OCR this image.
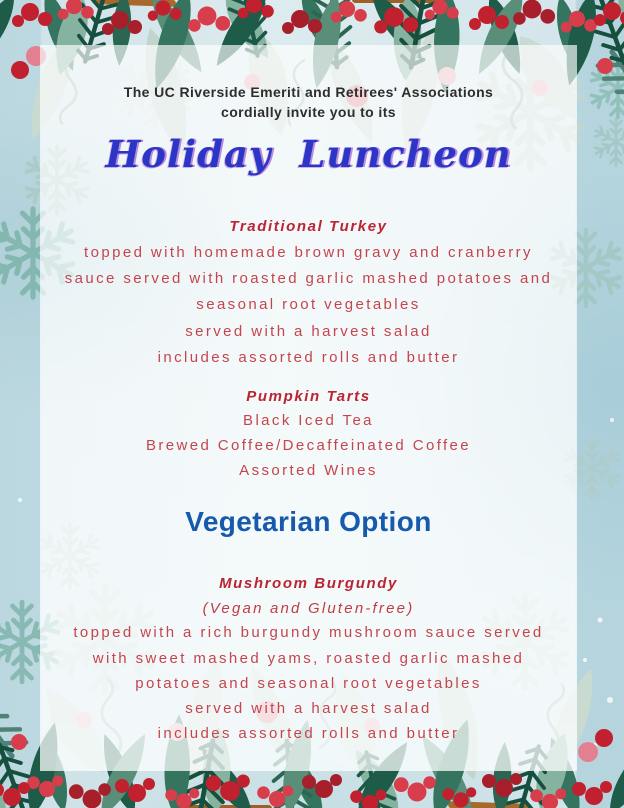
The UC Riverside Emeriti and Retirees' Associations
cordially invite you to its
Holiday Luncheon
Traditional Turkey
topped with homemade brown gravy and cranberry
sauce served with roasted garlic mashed potatoes and
seasonal root vegetables
served with a harvest salad
includes assorted rolls and butter
Pumpkin Tarts
Black Iced Tea
Brewed Coffee/Decaffeinated Coffee
Assorted Wines
Vegetarian Option
Mushroom Burgundy
(Vegan and Gluten-free)
topped with a rich burgundy mushroom sauce served
with sweet mashed yams, roasted garlic mashed
potatoes and seasonal root vegetables
served with a harvest salad
includes assorted rolls and butter
